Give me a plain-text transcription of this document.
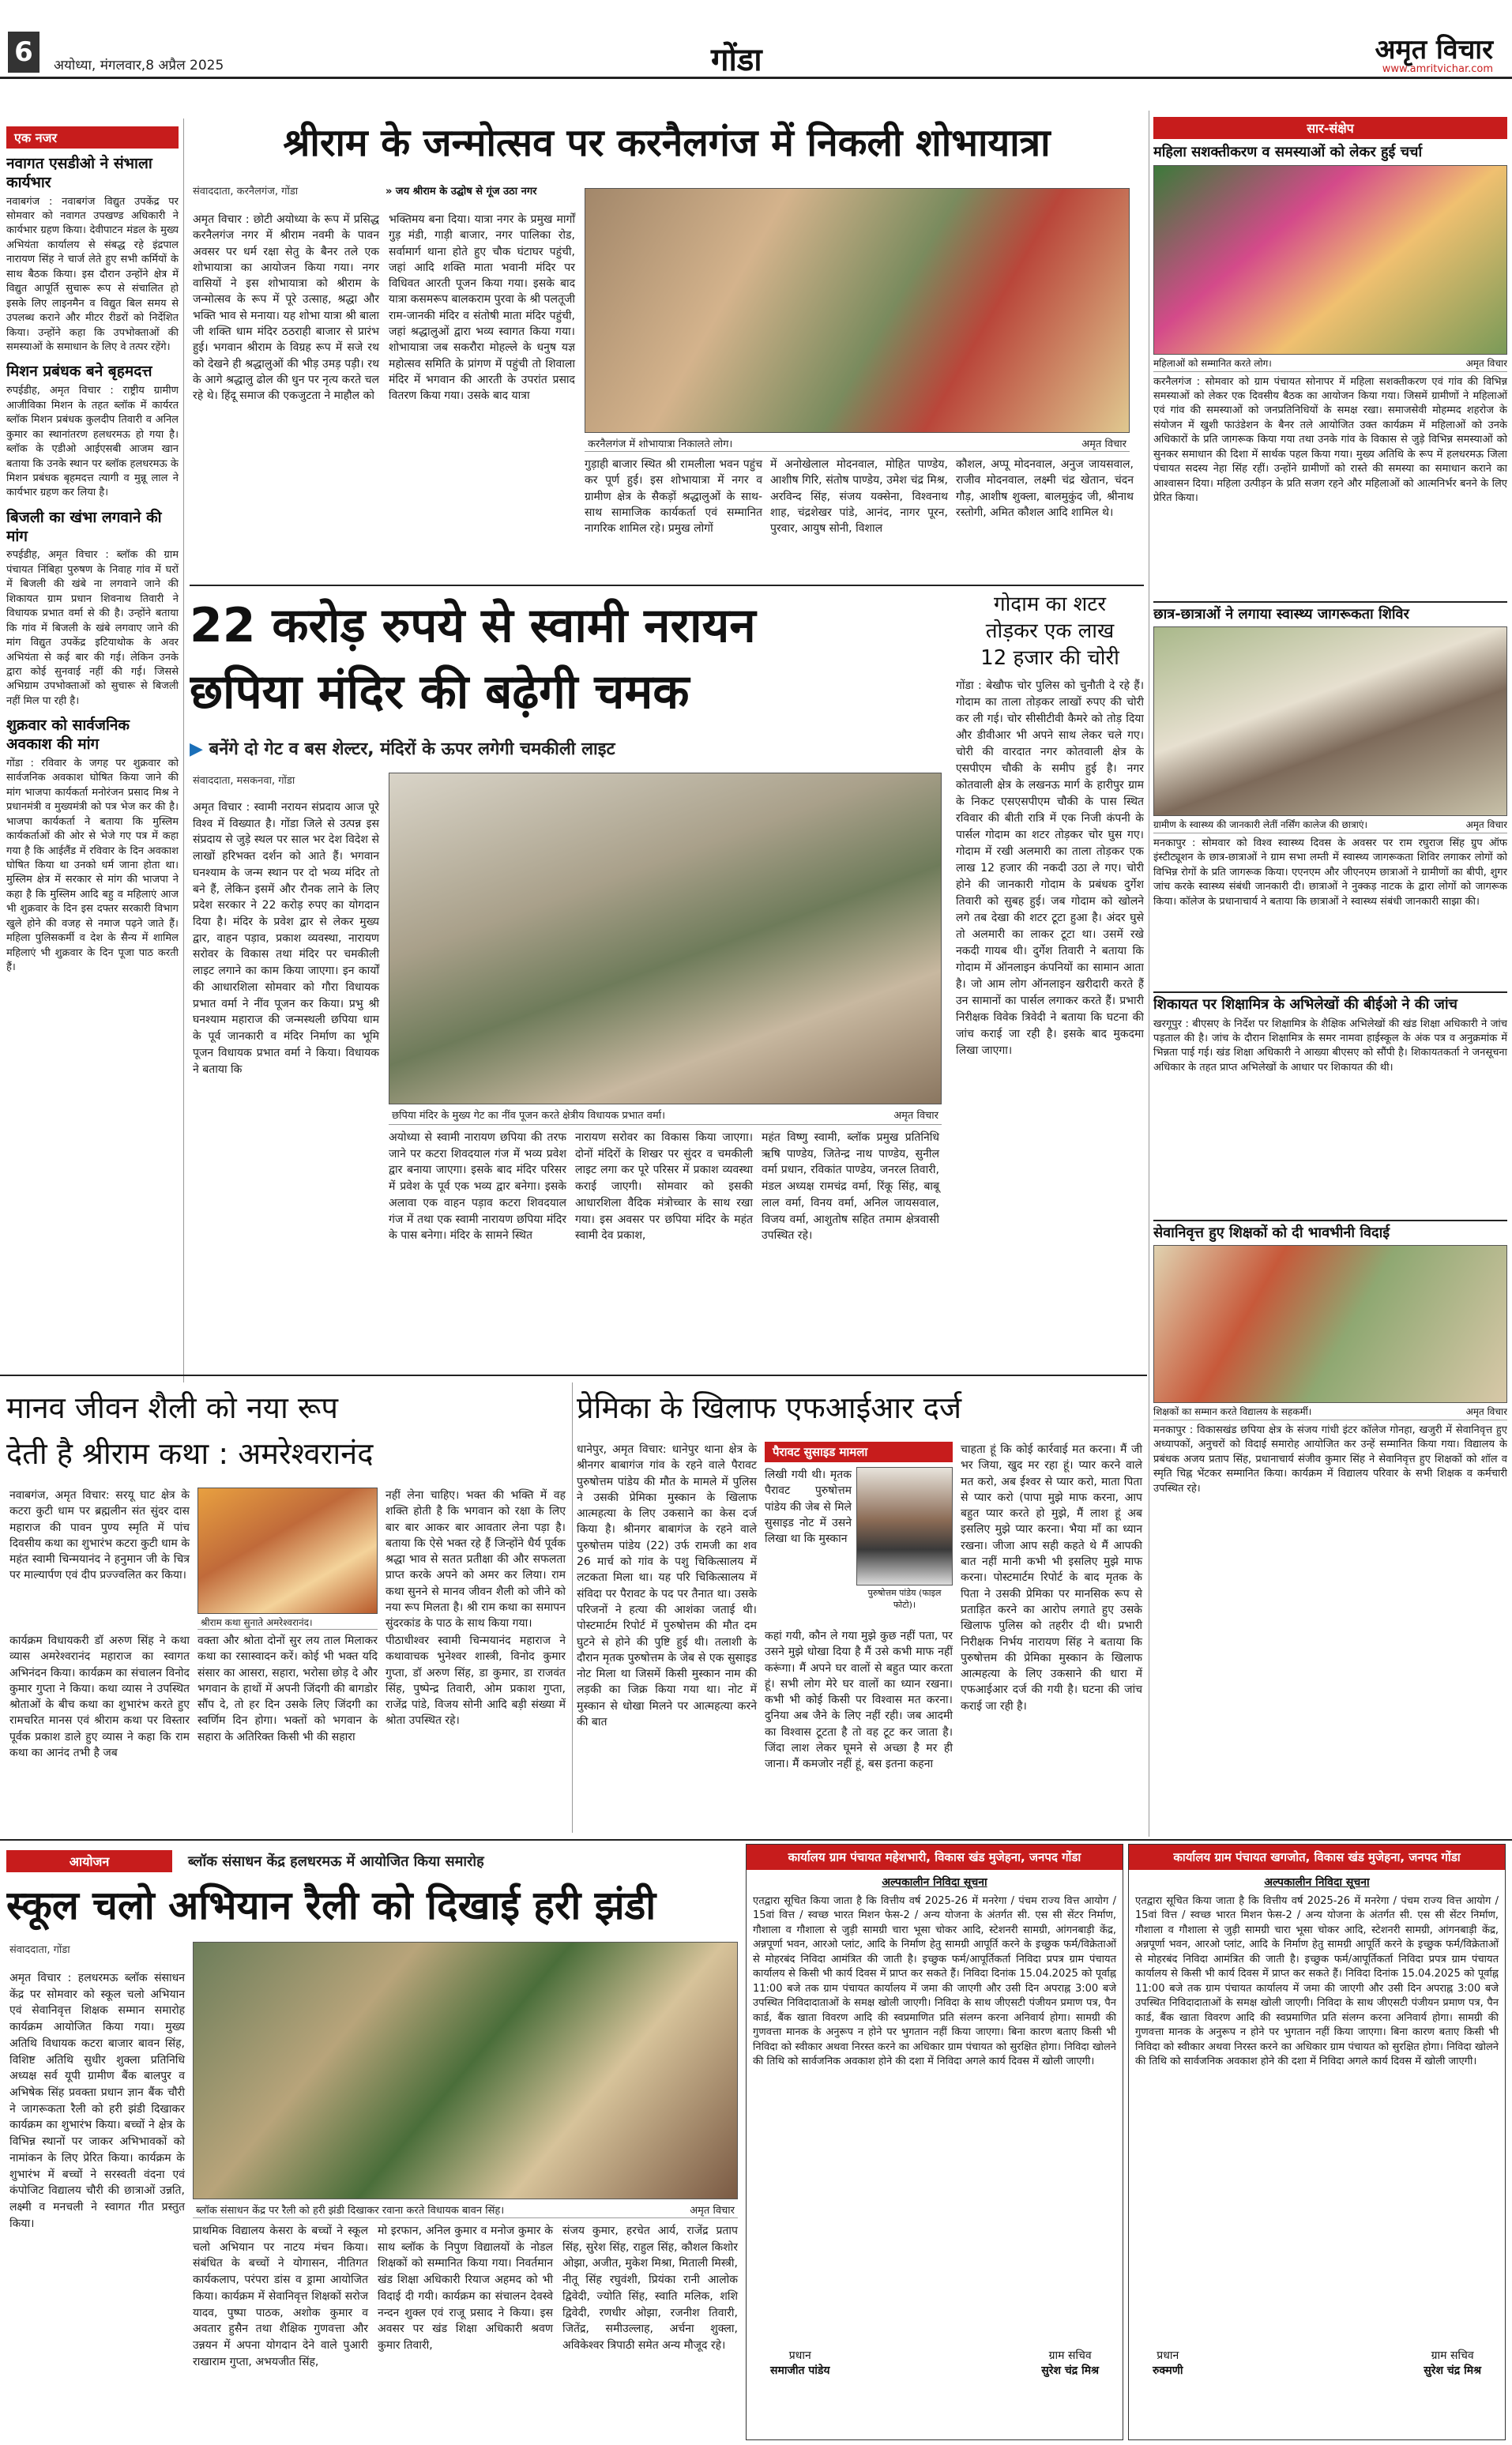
6	अयोध्या, मंगलवार,8 अप्रैल 2025	गोंडा	अमृत विचार
www.amritvichar.com
एक नजर
नवागत एसडीओ ने संभाला कार्यभार
नवाबगंज : नवाबगंज विद्युत उपकेंद्र पर सोमवार को नवागत उपखण्ड अधिकारी ने कार्यभार ग्रहण किया। देवीपाटन मंडल के मुख्य अभियंता कार्यालय से संबद्ध रहे इंद्रपाल नारायण सिंह ने चार्ज लेते हुए सभी कर्मियों के साथ बैठक किया। इस दौरान उन्होंने क्षेत्र में विद्युत आपूर्ति सुचारू रूप से संचालित हो इसके लिए लाइनमैन व विद्युत बिल समय से उपलब्ध कराने और मीटर रीडरों को निर्देशित किया। उन्होंने कहा कि उपभोक्ताओं की समस्याओं के समाधान के लिए वे तत्पर रहेंगे।
मिशन प्रबंधक बने बृहमदत्त
रुपईडीह, अमृत विचार : राष्ट्रीय ग्रामीण आजीविका मिशन के तहत ब्लॉक में कार्यरत ब्लॉक मिशन प्रबंधक कुलदीप तिवारी व अनिल कुमार का स्थानांतरण हलधरमऊ हो गया है। ब्लॉक के एडीओ आईएसबी आजम खान बताया कि उनके स्थान पर ब्लॉक हलधरमऊ के मिशन प्रबंधक बृहमदत्त त्यागी व मुन्नू लाल ने कार्यभार ग्रहण कर लिया है।
बिजली का खंभा लगवाने की मांग
रुपईडीह, अमृत विचार : ब्लॉक की ग्राम पंचायत निंबिहा पुरुषण के निवाह गांव में घरों में बिजली की खंबे ना लगवाने जाने की शिकायत ग्राम प्रधान शिवनाथ तिवारी ने विधायक प्रभात वर्मा से की है। उन्होंने बताया कि गांव में बिजली के खंबे लगवाए जाने की मांग विद्युत उपकेंद्र इटियाथोक के अवर अभियंता से कई बार की गई। लेकिन उनके द्वारा कोई सुनवाई नहीं की गई। जिससे अभिग्राम उपभोक्ताओं को सुचारू से बिजली नहीं मिल पा रही है।
शुक्रवार को सार्वजनिक अवकाश की मांग
गोंडा : रविवार के जगह पर शुक्रवार को सार्वजनिक अवकाश घोषित किया जाने की मांग भाजपा कार्यकर्ता मनोरंजन प्रसाद मिश्र ने प्रधानमंत्री व मुख्यमंत्री को पत्र भेज कर की है। भाजपा कार्यकर्ता ने बताया कि मुस्लिम कार्यकर्ताओं की ओर से भेजे गए पत्र में कहा गया है कि आईलैंड में रविवार के दिन अवकाश घोषित किया था उनको धर्म जाना होता था। मुस्लिम क्षेत्र में सरकार से मांग की भाजपा ने कहा है कि मुस्लिम आदि बहु व महिलाएं आज भी शुक्रवार के दिन इस दफ्तर सरकारी विभाग खुले होने की वजह से नमाज पढ़ने जाते हैं। महिला पुलिसकर्मी व देश के सैन्य में शामिल महिलाएं भी शुक्रवार के दिन पूजा पाठ करती हैं।
श्रीराम के जन्मोत्सव पर करनैलगंज में निकली शोभायात्रा
संवाददाता, करनैलगंज, गोंडा	» जय श्रीराम के उद्घोष से गूंज उठा नगर
अमृत विचार : छोटी अयोध्या के रूप में प्रसिद्ध करनैलगंज नगर में श्रीराम नवमी के पावन अवसर पर धर्म रक्षा सेतु के बैनर तले एक शोभायात्रा का आयोजन किया गया। नगर वासियों ने इस शोभायात्रा को श्रीराम के जन्मोत्सव के रूप में पूरे उत्साह, श्रद्धा और भक्ति भाव से मनाया। यह शोभा यात्रा श्री बाला जी शक्ति धाम मंदिर ठठराही बाजार से प्रारंभ हुई। भगवान श्रीराम के विग्रह रूप में सजे रथ को देखने ही श्रद्धालुओं की भीड़ उमड़ पड़ी। रथ के आगे श्रद्धालु ढोल की धुन पर नृत्य करते चल रहे थे। हिंदू समाज की एकजुटता ने माहौल को
भक्तिमय बना दिया। यात्रा नगर के प्रमुख मार्गों गुड़ मंडी, गाड़ी बाजार, नगर पालिका रोड, सर्वामार्ग थाना होते हुए चौक घंटाघर पहुंची, जहां आदि शक्ति माता भवानी मंदिर पर विधिवत आरती पूजन किया गया। इसके बाद यात्रा कसमरूप बालकराम पुरवा के श्री पलतूजी राम-जानकी मंदिर व संतोषी माता मंदिर पहुंची, जहां श्रद्धालुओं द्वारा भव्य स्वागत किया गया। शोभायात्रा जब सकरौरा मोहल्ले के धनुष यज्ञ महोत्सव समिति के प्रांगण में पहुंची तो शिवाला मंदिर में भगवान की आरती के उपरांत प्रसाद वितरण किया गया। उसके बाद यात्रा
करनैलगंज में शोभायात्रा निकालते लोग।	अमृत विचार
गुड़ाही बाजार स्थित श्री रामलीला भवन पहुंच कर पूर्ण हुई। इस शोभायात्रा में नगर व ग्रामीण क्षेत्र के सैकड़ों श्रद्धालुओं के साथ-साथ सामाजिक कार्यकर्ता एवं सम्मानित नागरिक शामिल रहे। प्रमुख लोगों
में अनोखेलाल मोदनवाल, मोहित पाण्डेय, आशीष गिरि, संतोष पाण्डेय, उमेश चंद्र मिश्र, अरविन्द सिंह, संजय यक्सेना, विश्वनाथ शाह, चंद्रशेखर पांडे, आनंद, नागर पूरन, पुरवार, आयुष सोनी, विशाल
कौशल, अप्पू मोदनवाल, अनुज जायसवाल, राजीव मोदनवाल, लक्ष्मी चंद्र खेतान, चंदन गौड़, आशीष शुक्ला, बालमुकुंद जी, श्रीनाथ रस्तोगी, अमित कौशल आदि शामिल थे।
22 करोड़ रुपये से स्वामी नरायन
छपिया मंदिर की बढ़ेगी चमक
▶ बनेंगे दो गेट व बस शेल्टर, मंदिरों के ऊपर लगेगी चमकीली लाइट
संवाददाता, मसकनवा, गोंडा
अमृत विचार : स्वामी नरायन संप्रदाय आज पूरे विश्व में विख्यात है। गोंडा जिले से उत्पन्न इस संप्रदाय से जुड़े स्थल पर साल भर देश विदेश से लाखों हरिभक्त दर्शन को आते हैं। भगवान घनश्याम के जन्म स्थान पर दो भव्य मंदिर तो बने हैं, लेकिन इसमें और रौनक लाने के लिए प्रदेश सरकार ने 22 करोड़ रुपए का योगदान दिया है। मंदिर के प्रवेश द्वार से लेकर मुख्य द्वार, वाहन पड़ाव, प्रकाश व्यवस्था, नारायण सरोवर के विकास तथा मंदिर पर चमकीली लाइट लगाने का काम किया जाएगा। इन कार्यों की आधारशिला सोमवार को गौरा विधायक प्रभात वर्मा ने नींव पूजन कर किया। प्रभु श्री घनश्याम महाराज की जन्मस्थली छपिया धाम के पूर्व जानकारी व मंदिर निर्माण का भूमि पूजन विधायक प्रभात वर्मा ने किया। विधायक ने बताया कि
छपिया मंदिर के मुख्य गेट का नींव पूजन करते क्षेत्रीय विधायक प्रभात वर्मा।	अमृत विचार
अयोध्या से स्वामी नारायण छपिया की तरफ जाने पर कटरा शिवदयाल गंज में भव्य प्रवेश द्वार बनाया जाएगा। इसके बाद मंदिर परिसर में प्रवेश के पूर्व एक भव्य द्वार बनेगा। इसके अलावा एक वाहन पड़ाव कटरा शिवदयाल गंज में तथा एक स्वामी नारायण छपिया मंदिर के पास बनेगा। मंदिर के सामने स्थित
नारायण सरोवर का विकास किया जाएगा। दोनों मंदिरों के शिखर पर सुंदर व चमकीली लाइट लगा कर पूरे परिसर में प्रकाश व्यवस्था कराई जाएगी। सोमवार को इसकी आधारशिला वैदिक मंत्रोच्चार के साथ रखा गया। इस अवसर पर छपिया मंदिर के महंत स्वामी देव प्रकाश,
महंत विष्णु स्वामी, ब्लॉक प्रमुख प्रतिनिधि ऋषि पाण्डेय, जितेन्द्र नाथ पाण्डेय, सुनील वर्मा प्रधान, रविकांत पाण्डेय, जनरल तिवारी, मंडल अध्यक्ष रामचंद्र वर्मा, रिंकू सिंह, बाबू लाल वर्मा, विनय वर्मा, अनिल जायसवाल, विजय वर्मा, आशुतोष सहित तमाम क्षेत्रवासी उपस्थित रहे।
गोदाम का शटर
तोड़कर एक लाख
12 हजार की चोरी
गोंडा : बेखौफ चोर पुलिस को चुनौती दे रहे हैं। गोदाम का ताला तोड़कर लाखों रुपए की चोरी कर ली गई। चोर सीसीटीवी कैमरे को तोड़ दिया और डीवीआर भी अपने साथ लेकर चले गए। चोरी की वारदात नगर कोतवाली क्षेत्र के एसपीएम चौकी के समीप हुई है। नगर कोतवाली क्षेत्र के लखनऊ मार्ग के हारीपुर ग्राम के निकट एसएसपीएम चौकी के पास स्थित रविवार की बीती रात्रि में एक निजी कंपनी के पार्सल गोदाम का शटर तोड़कर चोर घुस गए। गोदाम में रखी अलमारी का ताला तोड़कर एक लाख 12 हजार की नकदी उठा ले गए। चोरी होने की जानकारी गोदाम के प्रबंधक दुर्गेश तिवारी को सुबह हुई। जब गोदाम को खोलने लगे तब देखा की शटर टूटा हुआ है। अंदर घुसे तो अलमारी का लाकर टूटा था। उसमें रखे नकदी गायब थी। दुर्गेश तिवारी ने बताया कि गोदाम में ऑनलाइन कंपनियों का सामान आता है। जो आम लोग ऑनलाइन खरीदारी करते हैं उन सामानों का पार्सल लगाकर करते हैं। प्रभारी निरीक्षक विवेक त्रिवेदी ने बताया कि घटना की जांच कराई जा रही है। इसके बाद मुकदमा लिखा जाएगा।
मानव जीवन शैली को नया रूप
देती है श्रीराम कथा : अमरेश्वरानंद
नवाबगंज, अमृत विचार: सरयू घाट क्षेत्र के कटरा कुटी धाम पर ब्रह्मलीन संत सुंदर दास महाराज की पावन पुण्य स्मृति में पांच दिवसीय कथा का शुभारंभ कटरा कुटी धाम के महंत स्वामी चिन्मयानंद ने हनुमान जी के चित्र पर माल्यार्पण एवं दीप प्रज्ज्वलित कर किया।
श्रीराम कथा सुनाते अमरेश्वरानंद।
नहीं लेना चाहिए। भक्त की भक्ति में वह शक्ति होती है कि भगवान को रक्षा के लिए बार बार आकर बार आवतार लेना पड़ा है। बताया कि ऐसे भक्त रहे हैं जिन्होंने धैर्य पूर्वक श्रद्धा भाव से सतत प्रतीक्षा की और सफलता प्राप्त करके अपने को अमर कर लिया। राम कथा सुनने से मानव जीवन शैली को जीने को नया रूप मिलता है। श्री राम कथा का समापन सुंदरकांड के पाठ के साथ किया गया।
कार्यक्रम विधायकरी डॉ अरुण सिंह ने कथा व्यास अमरेश्वरानंद महाराज का स्वागत अभिनंदन किया। कार्यक्रम का संचालन विनोद कुमार गुप्ता ने किया। कथा व्यास ने उपस्थित श्रोताओं के बीच कथा का शुभारंभ करते हुए रामचरित मानस एवं श्रीराम कथा पर विस्तार पूर्वक प्रकाश डाले हुए व्यास ने कहा कि राम कथा का आनंद तभी है जब
वक्ता और श्रोता दोनों सुर लय ताल मिलाकर कथा का रसास्वादन करें। कोई भी भक्त यदि संसार का आसरा, सहारा, भरोसा छोड़ दे और भगवान के हाथों में अपनी जिंदगी की बागडोर सौंप दे, तो हर दिन उसके लिए जिंदगी का स्वर्णिम दिन होगा। भक्तों को भगवान के सहारा के अतिरिक्त किसी भी की सहारा
पीठाधीश्वर स्वामी चिन्मयानंद महाराज ने कथावाचक भुनेश्वर शास्त्री, विनोद कुमार गुप्ता, डॉ अरुण सिंह, डा कुमार, डा राजवंत सिंह, पुष्पेन्द्र तिवारी, ओम प्रकाश गुप्ता, राजेंद्र पांडे, विजय सोनी आदि बड़ी संख्या में श्रोता उपस्थित रहे।
प्रेमिका के खिलाफ एफआईआर दर्ज
धानेपुर, अमृत विचार: धानेपुर थाना क्षेत्र के श्रीनगर बाबागंज गांव के रहने वाले पैरावट पुरुषोत्तम पांडेय की मौत के मामले में पुलिस ने उसकी प्रेमिका मुस्कान के खिलाफ आत्महत्या के लिए उकसाने का केस दर्ज किया है। श्रीनगर बाबागंज के रहने वाले पुरुषोत्तम पांडेय (22) उर्फ रामजी का शव 26 मार्च को गांव के पशु चिकित्सालय में लटकता मिला था। यह परि चिकित्सालय में संविदा पर पैरावट के पद पर तैनात था। उसके परिजनों ने हत्या की आशंका जताई थी। पोस्टमार्टम रिपोर्ट में पुरुषोत्तम की मौत दम घुटने से होने की पुष्टि हुई थी। तलाशी के दौरान मृतक पुरुषोत्तम के जेब से एक सुसाइड नोट मिला था जिसमें किसी मुस्कान नाम की लड़की का जिक्र किया गया था। नोट में मुस्कान से धोखा मिलने पर आत्महत्या करने की बात
पैरावट सुसाइड मामला
लिखी गयी थी। मृतक पैरावट पुरुषोत्तम पांडेय की जेब से मिले सुसाइड नोट में उसने लिखा था कि मुस्कान
पुरुषोत्तम पांडेय (फाइल फोटो)।
कहां गयी, कौन ले गया मुझे कुछ नहीं पता, पर उसने मुझे धोखा दिया है मैं उसे कभी माफ नहीं करूंगा। मैं अपने घर वालों से बहुत प्यार करता हूं। सभी लोग मेरे घर वालों का ध्यान रखना। कभी भी कोई किसी पर विश्वास मत करना। दुनिया अब जैने के लिए नहीं रही। जब आदमी का विश्वास टूटता है तो वह टूट कर जाता है। जिंदा लाश लेकर घूमने से अच्छा है मर ही जाना। मैं कमजोर नहीं हूं, बस इतना कहना
चाहता हूं कि कोई कार्रवाई मत करना। मैं जी भर जिया, खुद मर रहा हूं। प्यार करने वाले मत करो, अब ईश्वर से प्यार करो, माता पिता से प्यार करो (पापा मुझे माफ करना, आप बहुत प्यार करते हो मुझे, मैं लाश हूं अब इसलिए मुझे प्यार करना। भैया माँ का ध्यान रखना। जीजा आप सही कहते थे मैं आपकी बात नहीं मानी कभी भी इसलिए मुझे माफ करना। पोस्टमार्टम रिपोर्ट के बाद मृतक के पिता ने उसकी प्रेमिका पर मानसिक रूप से प्रताड़ित करने का आरोप लगाते हुए उसके खिलाफ पुलिस को तहरीर दी थी। प्रभारी निरीक्षक निर्भय नारायण सिंह ने बताया कि पुरुषोत्तम की प्रेमिका मुस्कान के खिलाफ आत्महत्या के लिए उकसाने की धारा में एफआईआर दर्ज की गयी है। घटना की जांच कराई जा रही है।
आयोजन	ब्लॉक संसाधन केंद्र हलधरमऊ में आयोजित किया समारोह
स्कूल चलो अभियान रैली को दिखाई हरी झंडी
संवाददाता, गोंडा
अमृत विचार : हलधरमऊ ब्लॉक संसाधन केंद्र पर सोमवार को स्कूल चलो अभियान एवं सेवानिवृत्त शिक्षक सम्मान समारोह कार्यक्रम आयोजित किया गया। मुख्य अतिथि विधायक कटरा बाजार बावन सिंह, विशिष्ट अतिथि सुधीर शुक्ला प्रतिनिधि अध्यक्ष सर्व यूपी ग्रामीण बैंक बालपुर व अभिषेक सिंह प्रवक्ता प्रधान ज्ञान बैंक चौरी ने जागरूकता रैली को हरी झंडी दिखाकर कार्यक्रम का शुभारंभ किया। बच्चों ने क्षेत्र के विभिन्न स्थानों पर जाकर अभिभावकों को नामांकन के लिए प्रेरित किया। कार्यक्रम के शुभारंभ में बच्चों ने सरस्वती वंदना एवं कंपोजिट विद्यालय चौरी की छात्राओं उन्नति, लक्ष्मी व मनचली ने स्वागत गीत प्रस्तुत किया।
ब्लॉक संसाधन केंद्र पर रैली को हरी झंडी दिखाकर रवाना करते विधायक बावन सिंह।	अमृत विचार
प्राथमिक विद्यालय केसरा के बच्चों ने स्कूल चलो अभियान पर नाटय मंचन किया। संबंधित के बच्चों ने योगासन, नीतिगत कार्यकलाप, परंपरा डांस व ड्रामा आयोजित किया। कार्यक्रम में सेवानिवृत्त शिक्षकों सरोज यादव, पुष्पा पाठक, अशोक कुमार व अवतार हुसैन तथा शैक्षिक गुणवत्ता और उन्नयन में अपना योगदान देने वाले पुआरी राखाराम गुप्ता, अभयजीत सिंह,
मो इरफान, अनिल कुमार व मनोज कुमार के साथ ब्लॉक के निपुण विद्यालयों के नोडल शिक्षकों को सम्मानित किया गया। निवर्तमान खंड शिक्षा अधिकारी रियाज अहमद को भी विदाई दी गयी। कार्यक्रम का संचालन देवस्वे नन्दन शुक्ल एवं राजू प्रसाद ने किया। इस अवसर पर खंड शिक्षा अधिकारी श्रवण कुमार तिवारी,
संजय कुमार, हरचेत आर्य, राजेंद्र प्रताप सिंह, सुरेश सिंह, राहुल सिंह, कौशल किशोर ओझा, अजीत, मुकेश मिश्रा, मिताली मिस्त्री, नीतू सिंह रघुवंशी, प्रियंका रानी आलोक द्विवेदी, ज्योति सिंह, स्वाति मलिक, शशि द्विवेदी, रणधीर ओझा, रजनीश तिवारी, जितेंद्र, समीउल्लाह, अर्चना शुक्ला, अविकेश्वर त्रिपाठी समेत अन्य मौजूद रहे।
कार्यालय ग्राम पंचायत महेशभारी, विकास खंड मुजेहना, जनपद गोंडा
अल्पकालीन निविदा सूचना
एतद्वारा सूचित किया जाता है कि वित्तीय वर्ष 2025-26 में मनरेगा / पंचम राज्य वित्त आयोग / 15वां वित्त / स्वच्छ भारत मिशन फेस-2 / अन्य योजना के अंतर्गत सी. एस सी सेंटर निर्माण, गौशाला व गौशाला से जुड़ी सामग्री चारा भूसा चोकर आदि, स्टेशनरी सामग्री, आंगनबाड़ी केंद्र, अन्नपूर्णा भवन, आरओ प्लांट, आदि के निर्माण हेतु सामग्री आपूर्ति करने के इच्छुक फर्म/विक्रेताओं से मोहरबंद निविदा आमंत्रित की जाती है। इच्छुक फर्म/आपूर्तिकर्ता निविदा प्रपत्र ग्राम पंचायत कार्यालय से किसी भी कार्य दिवस में प्राप्त कर सकते हैं। निविदा दिनांक 15.04.2025 को पूर्वाह्न 11:00 बजे तक ग्राम पंचायत कार्यालय में जमा की जाएगी और उसी दिन अपराह्न 3:00 बजे उपस्थित निविदादाताओं के समक्ष खोली जाएगी। निविदा के साथ जीएसटी पंजीयन प्रमाण पत्र, पैन कार्ड, बैंक खाता विवरण आदि की स्वप्रमाणित प्रति संलग्न करना अनिवार्य होगा। सामग्री की गुणवत्ता मानक के अनुरूप न होने पर भुगतान नहीं किया जाएगा। बिना कारण बताए किसी भी निविदा को स्वीकार अथवा निरस्त करने का अधिकार ग्राम पंचायत को सुरक्षित होगा। निविदा खोलने की तिथि को सार्वजनिक अवकाश होने की दशा में निविदा अगले कार्य दिवस में खोली जाएगी।
प्रधान
समाजीत पांडेय
ग्राम सचिव
सुरेश चंद्र मिश्र
कार्यालय ग्राम पंचायत खगजोत, विकास खंड मुजेहना, जनपद गोंडा
अल्पकालीन निविदा सूचना
एतद्वारा सूचित किया जाता है कि वित्तीय वर्ष 2025-26 में मनरेगा / पंचम राज्य वित्त आयोग / 15वां वित्त / स्वच्छ भारत मिशन फेस-2 / अन्य योजना के अंतर्गत सी. एस सी सेंटर निर्माण, गौशाला व गौशाला से जुड़ी सामग्री चारा भूसा चोकर आदि, स्टेशनरी सामग्री, आंगनबाड़ी केंद्र, अन्नपूर्णा भवन, आरओ प्लांट, आदि के निर्माण हेतु सामग्री आपूर्ति करने के इच्छुक फर्म/विक्रेताओं से मोहरबंद निविदा आमंत्रित की जाती है। इच्छुक फर्म/आपूर्तिकर्ता निविदा प्रपत्र ग्राम पंचायत कार्यालय से किसी भी कार्य दिवस में प्राप्त कर सकते हैं। निविदा दिनांक 15.04.2025 को पूर्वाह्न 11:00 बजे तक ग्राम पंचायत कार्यालय में जमा की जाएगी और उसी दिन अपराह्न 3:00 बजे उपस्थित निविदादाताओं के समक्ष खोली जाएगी। निविदा के साथ जीएसटी पंजीयन प्रमाण पत्र, पैन कार्ड, बैंक खाता विवरण आदि की स्वप्रमाणित प्रति संलग्न करना अनिवार्य होगा। सामग्री की गुणवत्ता मानक के अनुरूप न होने पर भुगतान नहीं किया जाएगा। बिना कारण बताए किसी भी निविदा को स्वीकार अथवा निरस्त करने का अधिकार ग्राम पंचायत को सुरक्षित होगा। निविदा खोलने की तिथि को सार्वजनिक अवकाश होने की दशा में निविदा अगले कार्य दिवस में खोली जाएगी।
प्रधान
रुक्मणी
ग्राम सचिव
सुरेश चंद्र मिश्र
सार-संक्षेप
महिला सशक्तीकरण व समस्याओं को लेकर हुई चर्चा
महिलाओं को सम्मानित करते लोग।	अमृत विचार
करनैलगंज : सोमवार को ग्राम पंचायत सोनापर में महिला सशक्तीकरण एवं गांव की विभिन्न समस्याओं को लेकर एक दिवसीय बैठक का आयोजन किया गया। जिसमें ग्रामीणों ने महिलाओं एवं गांव की समस्याओं को जनप्रतिनिधियों के समक्ष रखा। समाजसेवी मोहम्मद शहरोज के संयोजन में खुशी फाउंडेशन के बैनर तले आयोजित उक्त कार्यक्रम में महिलाओं को उनके अधिकारों के प्रति जागरूक किया गया तथा उनके गांव के विकास से जुड़े विभिन्न समस्याओं को सुनकर समाधान की दिशा में सार्थक पहल किया गया। मुख्य अतिथि के रूप में हलधरमऊ जिला पंचायत सदस्य नेहा सिंह रहीं। उन्होंने ग्रामीणों को रास्ते की समस्या का समाधान कराने का आश्वासन दिया। महिला उत्पीड़न के प्रति सजग रहने और महिलाओं को आत्मनिर्भर बनने के लिए प्रेरित किया।
छात्र-छात्राओं ने लगाया स्वास्थ्य जागरूकता शिविर
ग्रामीण के स्वास्थ्य की जानकारी लेतीं नर्सिंग कालेज की छात्राएं।	अमृत विचार
मनकापुर : सोमवार को विश्व स्वास्थ्य दिवस के अवसर पर राम रघुराज सिंह ग्रुप ऑफ इंस्टीट्यूशन के छात्र-छात्राओं ने ग्राम सभा लम्ती में स्वास्थ्य जागरूकता शिविर लगाकर लोगों को विभिन्न रोगों के प्रति जागरूक किया। एएनएम और जीएनएम छात्राओं ने ग्रामीणों का बीपी, शुगर जांच करके स्वास्थ्य संबंधी जानकारी दी। छात्राओं ने नुक्कड़ नाटक के द्वारा लोगों को जागरूक किया। कॉलेज के प्रधानाचार्य ने बताया कि छात्राओं ने स्वास्थ्य संबंधी जानकारी साझा की।
शिकायत पर शिक्षामित्र के अभिलेखों की बीईओ ने की जांच
खरगूपुर : बीएसए के निर्देश पर शिक्षामित्र के शैक्षिक अभिलेखों की खंड शिक्षा अधिकारी ने जांच पड़ताल की है। जांच के दौरान शिक्षामित्र के समर नामवा हाईस्कूल के अंक पत्र व अनुक्रमांक में भिन्नता पाई गई। खंड शिक्षा अधिकारी ने आख्या बीएसए को सौंपी है। शिकायतकर्ता ने जनसूचना अधिकार के तहत प्राप्त अभिलेखों के आधार पर शिकायत की थी।
सेवानिवृत्त हुए शिक्षकों को दी भावभीनी विदाई
शिक्षकों का सम्मान करते विद्यालय के सहकर्मी।	अमृत विचार
मनकापुर : विकासखंड छपिया क्षेत्र के संजय गांधी इंटर कॉलेज गोनहा, खजुरी में सेवानिवृत्त हुए अध्यापकों, अनुचरों को विदाई समारोह आयोजित कर उन्हें सम्मानित किया गया। विद्यालय के प्रबंधक अजय प्रताप सिंह, प्रधानाचार्य संजीव कुमार सिंह ने सेवानिवृत्त हुए शिक्षकों को शॉल व स्मृति चिह्न भेंटकर सम्मानित किया। कार्यक्रम में विद्यालय परिवार के सभी शिक्षक व कर्मचारी उपस्थित रहे।
